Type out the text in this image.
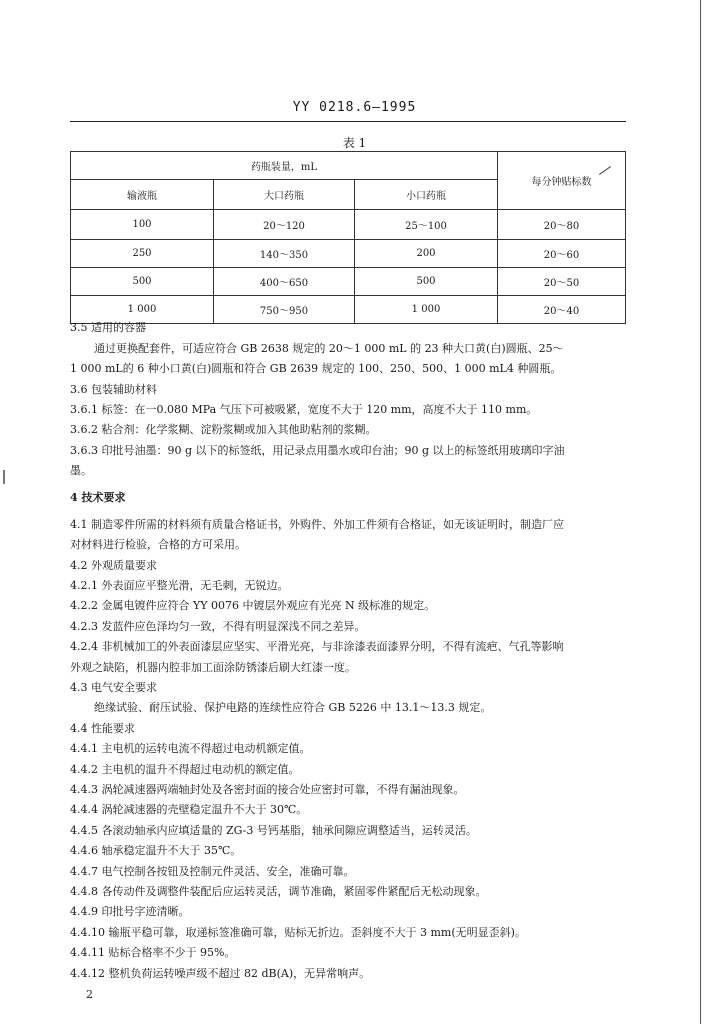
YY 0218.6—1995
表 1
药瓶装量，mL			每分钟贴标数
输液瓶	大口药瓶	小口药瓶	
100	20～120	25～100	20～80
250	140～350	200	20～60
500	400～650	500	20～50
1 000	750～950	1 000	20～40
3.5 适用的容器
通过更换配套件，可适应符合 GB 2638 规定的 20～1 000 mL 的 23 种大口黄(白)圆瓶、25～
1 000 mL的 6 种小口黄(白)圆瓶和符合 GB 2639 规定的 100、250、500、1 000 mL4 种圆瓶。
3.6 包装辅助材料
3.6.1 标签：在一0.080 MPa 气压下可被吸紧，宽度不大于 120 mm，高度不大于 110 mm。
3.6.2 粘合剂：化学浆糊、淀粉浆糊或加入其他助粘剂的浆糊。
3.6.3 印批号油墨：90 g 以下的标签纸，用记录点用墨水或印台油；90 g 以上的标签纸用玻璃印字油
墨。
4 技术要求
4.1 制造零件所需的材料须有质量合格证书，外购件、外加工件须有合格证，如无该证明时，制造厂应
对材料进行检验，合格的方可采用。
4.2 外观质量要求
4.2.1 外表面应平整光滑，无毛刺，无锐边。
4.2.2 金属电镀件应符合 YY 0076 中镀层外观应有光亮 N 级标准的规定。
4.2.3 发蓝件应色泽均匀一致，不得有明显深浅不同之差异。
4.2.4 非机械加工的外表面漆层应坚实、平滑光亮，与非涂漆表面漆界分明，不得有流疤、气孔等影响
外观之缺陷，机器内腔非加工面涂防锈漆后刷大红漆一度。
4.3 电气安全要求
绝缘试验、耐压试验、保护电路的连续性应符合 GB 5226 中 13.1～13.3 规定。
4.4 性能要求
4.4.1 主电机的运转电流不得超过电动机额定值。
4.4.2 主电机的温升不得超过电动机的额定值。
4.4.3 涡轮减速器两端轴封处及各密封面的接合处应密封可靠，不得有漏油现象。
4.4.4 涡轮减速器的壳壁稳定温升不大于 30℃。
4.4.5 各滚动轴承内应填适量的 ZG-3 号钙基脂，轴承间隙应调整适当，运转灵活。
4.4.6 轴承稳定温升不大于 35℃。
4.4.7 电气控制各按钮及控制元件灵活、安全，准确可靠。
4.4.8 各传动件及调整件装配后应运转灵活，调节准确，紧固零件紧配后无松动现象。
4.4.9 印批号字迹清晰。
4.4.10 输瓶平稳可靠，取递标签准确可靠，贴标无折边。歪斜度不大于 3 mm(无明显歪斜)。
4.4.11 贴标合格率不少于 95%。
4.4.12 整机负荷运转噪声级不超过 82 dB(A)，无异常响声。
2
